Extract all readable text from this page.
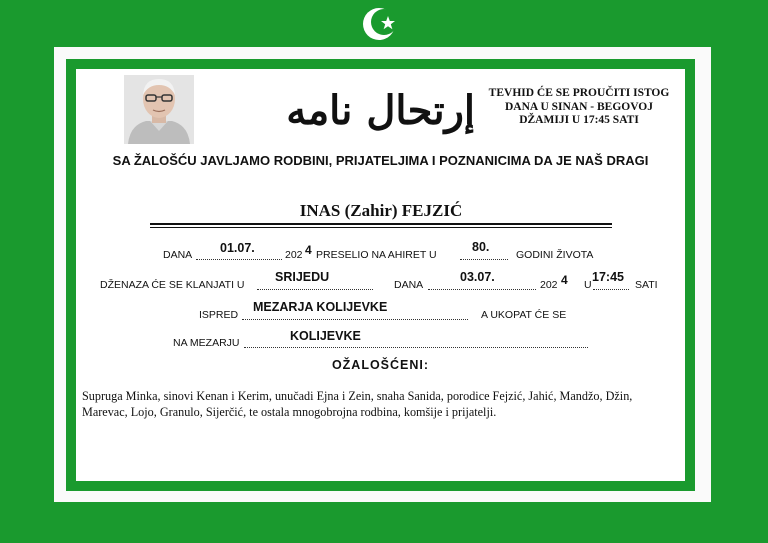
إرتحال نامه	TEVHID ĆE SE PROUČITI ISTOG
DANA U SINAN - BEGOVOJ
DŽAMIJI U 17:45 SATI
SA ŽALOŠĆU JAVLJAMO RODBINI, PRIJATELJIMA I POZNANICIMA DA JE NAŠ DRAGI
INAS (Zahir) FEJZIĆ
DANA 01.07.	202 4 PRESELIO NA AHIRET U
80.
GODINI ŽIVOTA
DŽENAZA ĆE SE KLANJATI U
SRIJEDU
DANA
03.07.
202 4 U
17:45
SATI
ISPRED
MEZARJA KOLIJEVKE
A UKOPAT ĆE SE
NA MEZARJU	KOLIJEVKE
OŽALOŠĆENI:
Supruga Minka, sinovi Kenan i Kerim, unučadi Ejna i Zein, snaha Sanida, porodice Fejzić, Jahić, Mandžo, Džin, Marevac, Lojo, Granulo, Sijerčić, te ostala mnogobrojna rodbina, komšije i prijatelji.
